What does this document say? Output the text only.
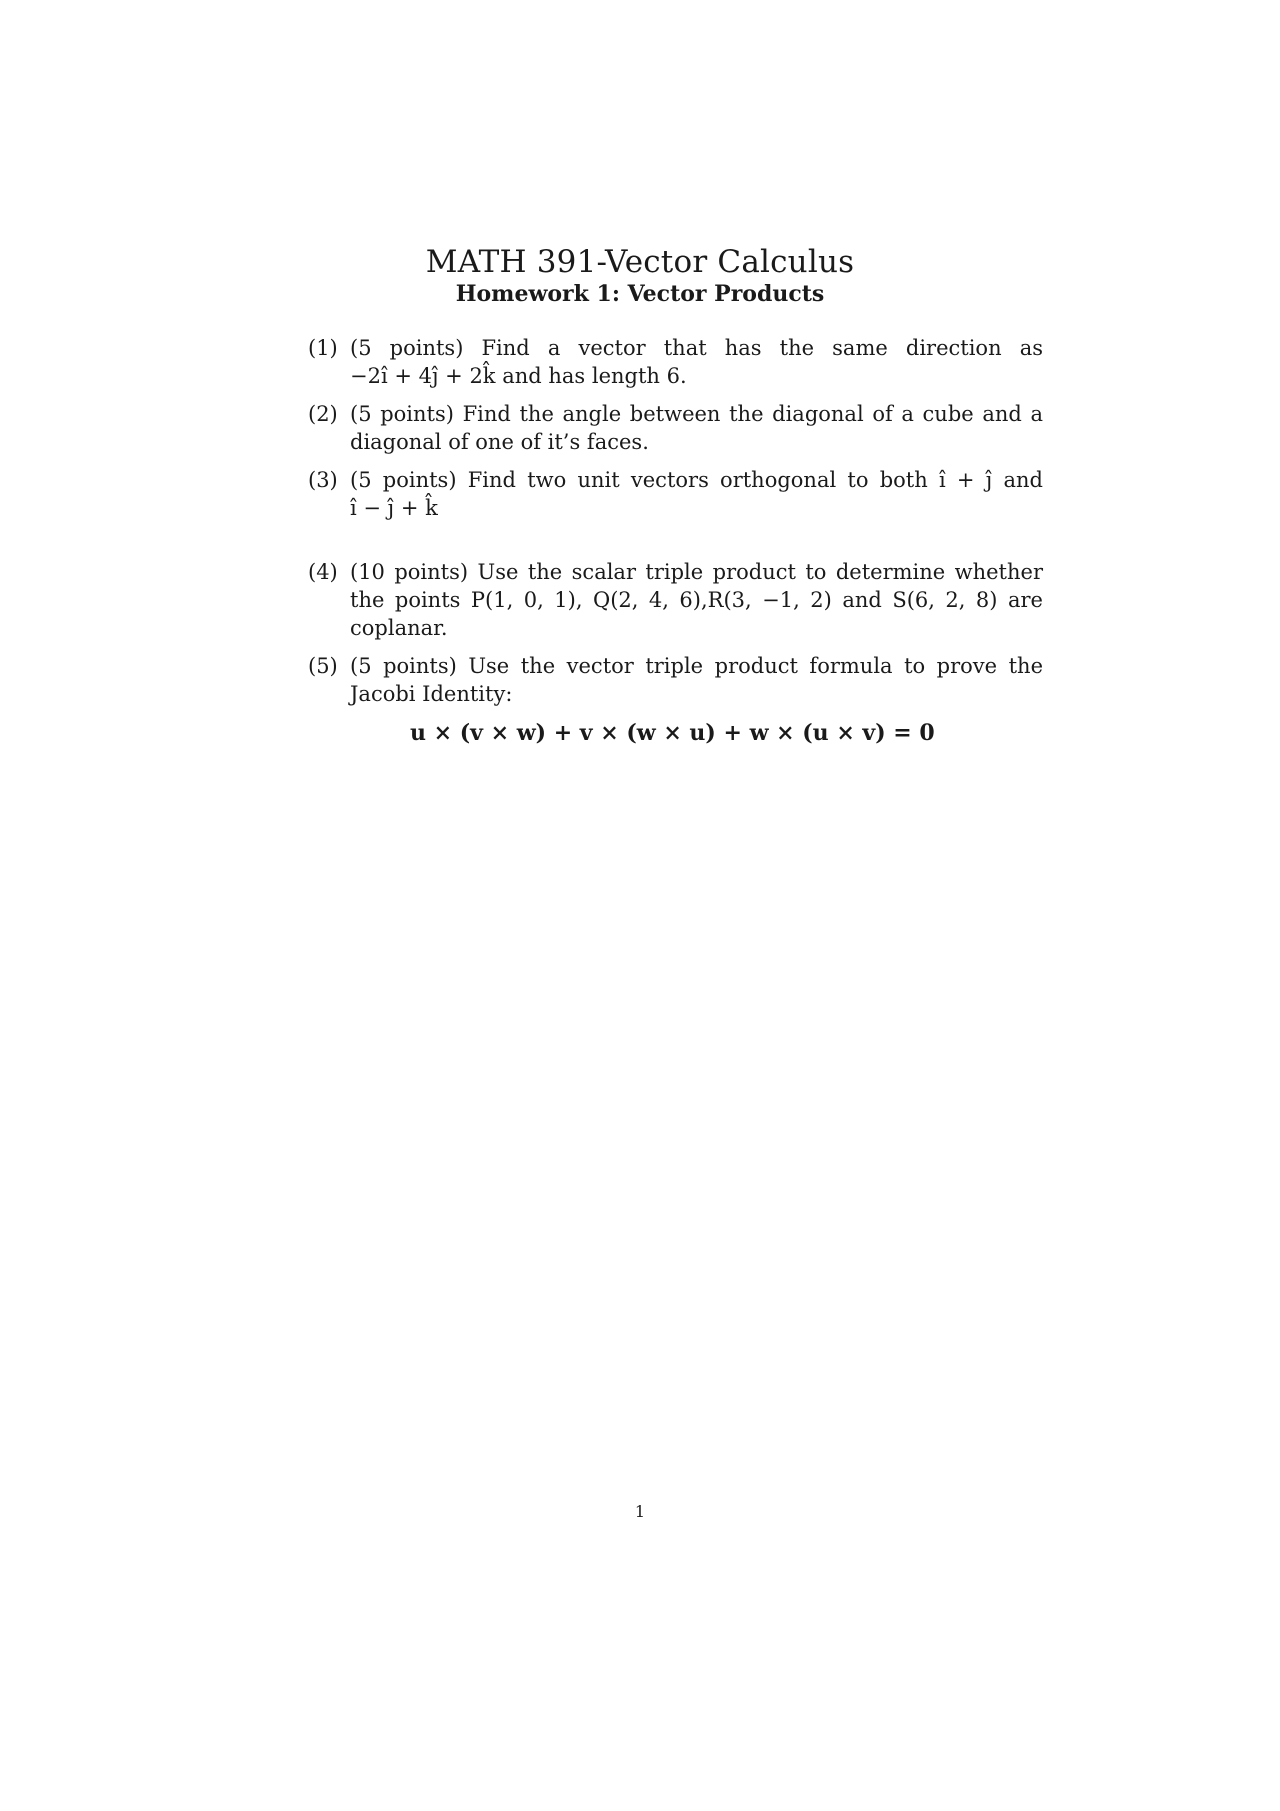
MATH 391-Vector Calculus
Homework 1: Vector Products
(1) (5 points) Find a vector that has the same direction as −2î + 4ĵ + 2k̂ and has length 6.
(2) (5 points) Find the angle between the diagonal of a cube and a diagonal of one of it’s faces.
(3) (5 points) Find two unit vectors orthogonal to both î + ĵ and î − ĵ + k̂
(4) (10 points) Use the scalar triple product to determine whether the points P(1, 0, 1), Q(2, 4, 6),R(3, −1, 2) and S(6, 2, 8) are coplanar.
(5) (5 points) Use the vector triple product formula to prove the Jacobi Identity:
u × (v × w) + v × (w × u) + w × (u × v) = 0
1
